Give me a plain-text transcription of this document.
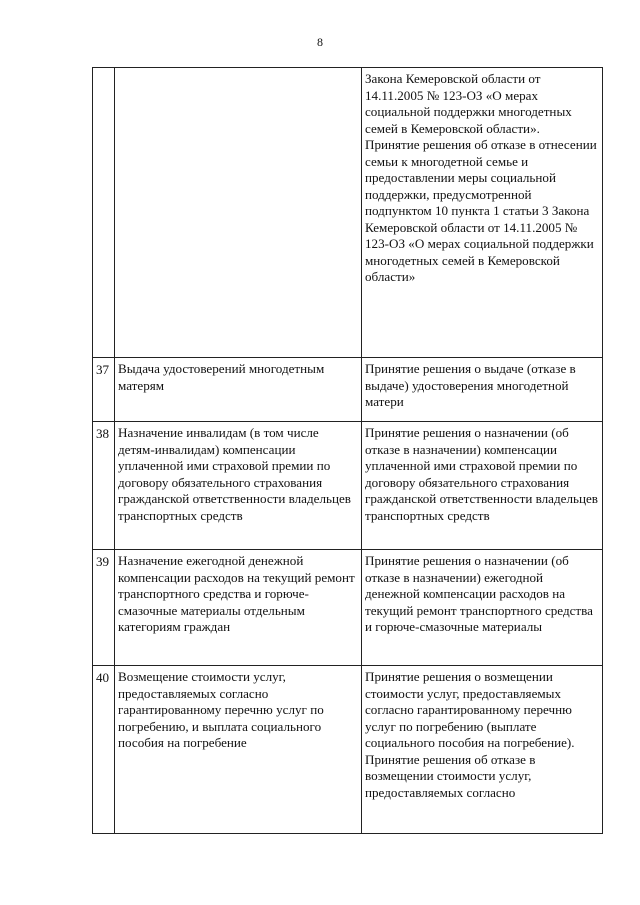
8

		Закона Кемеровской области от 14.11.2005 № 123-ОЗ «О мерах социальной поддержки многодетных семей в Кемеровской области».
Принятие решения об отказе в отнесении семьи к многодетной семье и предоставлении меры социальной поддержки, предусмотренной подпунктом 10 пункта 1 статьи 3 Закона Кемеровской области от 14.11.2005 № 123-ОЗ «О мерах социальной поддержки многодетных семей в Кемеровской области»

37	Выдача удостоверений многодетным матерям	Принятие решения о выдаче (отказе в выдаче) удостоверения многодетной матери

38	Назначение инвалидам (в том числе детям-инвалидам) компенсации уплаченной ими страховой премии по договору обязательного страхования гражданской ответственности владельцев транспортных средств	Принятие решения о назначении (об отказе в назначении) компенсации уплаченной ими страховой премии по договору обязательного страхования гражданской ответственности владельцев транспортных средств

39	Назначение ежегодной денежной компенсации расходов на текущий ремонт транспортного средства и горюче-смазочные материалы отдельным категориям граждан	Принятие решения о назначении (об отказе в назначении) ежегодной денежной компенсации расходов на текущий ремонт транспортного средства и горюче-смазочные материалы

40	Возмещение стоимости услуг, предоставляемых согласно гарантированному перечню услуг по погребению, и выплата социального пособия на погребение	Принятие решения о возмещении стоимости услуг, предоставляемых согласно гарантированному перечню услуг по погребению (выплате социального пособия на погребение).
Принятие решения об отказе в возмещении стоимости услуг, предоставляемых согласно
